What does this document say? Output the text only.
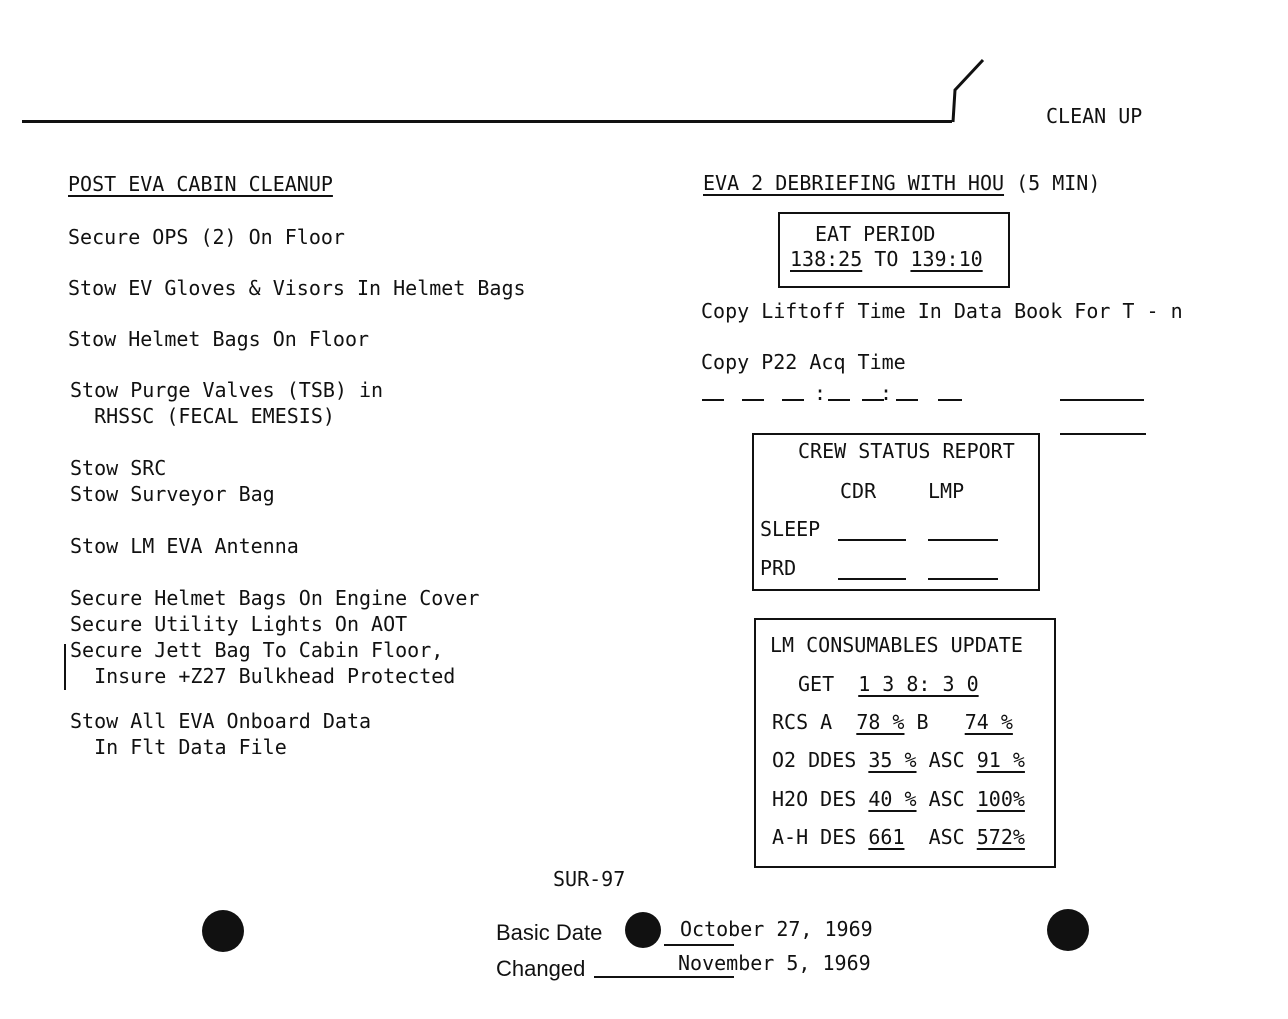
CLEAN UP
POST EVA CABIN CLEANUP
Secure OPS (2) On Floor
Stow EV Gloves & Visors In Helmet Bags
Stow Helmet Bags On Floor
Stow Purge Valves (TSB) in
RHSSC (FECAL EMESIS)
Stow SRC
Stow Surveyor Bag
Stow LM EVA Antenna
Secure Helmet Bags On Engine Cover
Secure Utility Lights On AOT
Secure Jett Bag To Cabin Floor,
Insure +Z27 Bulkhead Protected
Stow All EVA Onboard Data
In Flt Data File
EVA 2 DEBRIEFING WITH HOU (5 MIN)
EAT PERIOD
138:25 TO 139:10
Copy Liftoff Time In Data Book For T - n
Copy P22 Acq Time
:	:
CREW STATUS REPORT
CDR	LMP
SLEEP
PRD
LM CONSUMABLES UPDATE
GET 1 3 8: 3 0
RCS A 78 % B 74 %
O2 DDES 35 % ASC 91 %
H2O DES 40 % ASC 100%
A-H DES 661 ASC 572%
SUR-97
Basic Date	October 27, 1969
Changed	November 5, 1969
